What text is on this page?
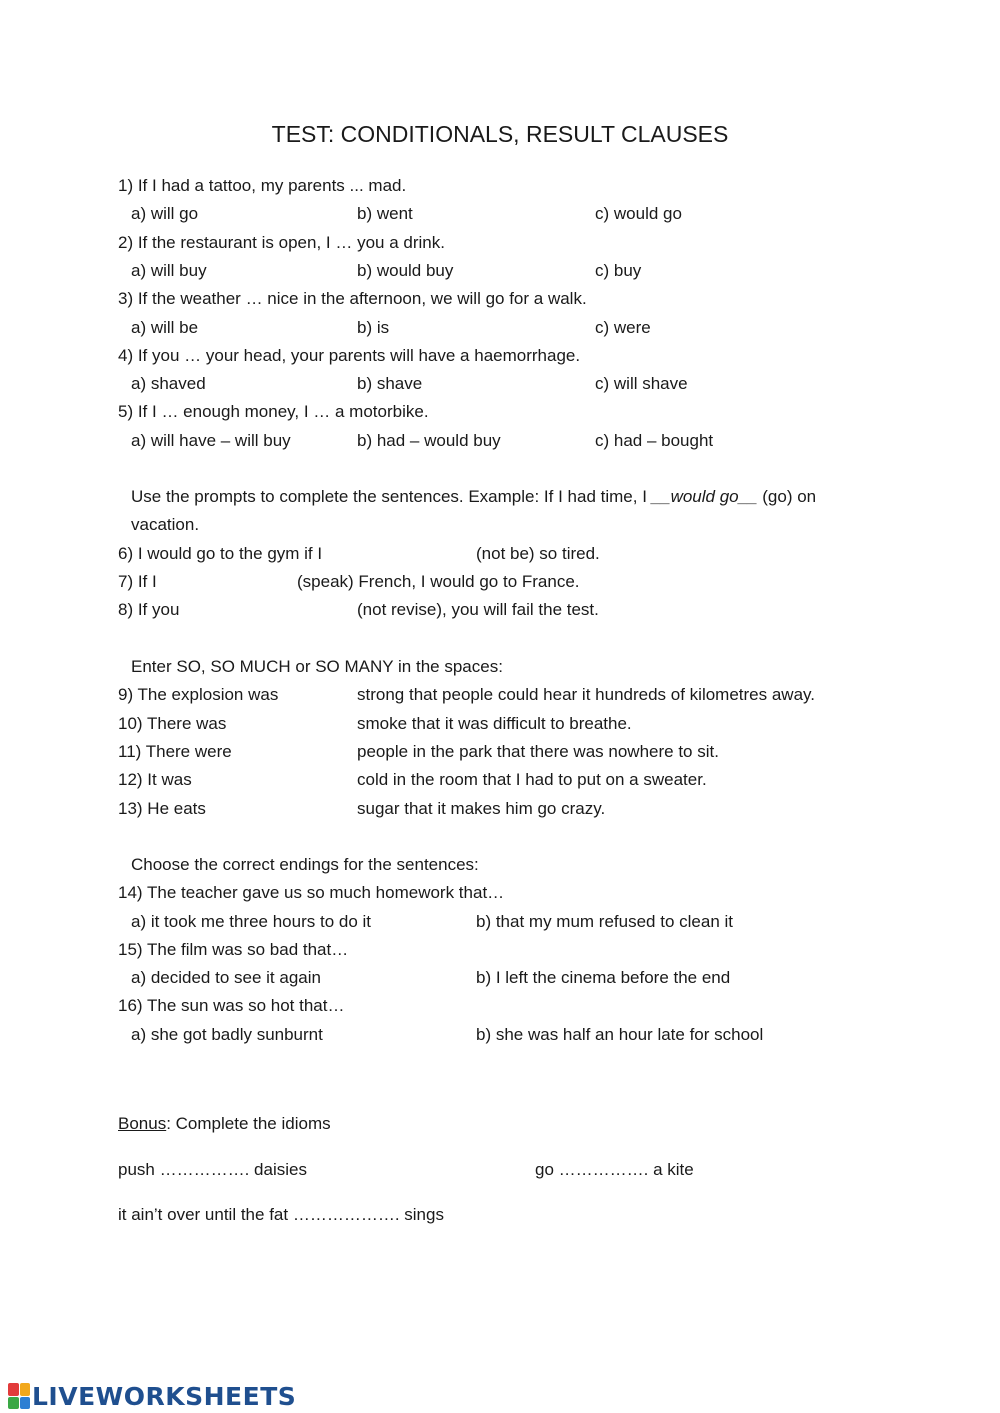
TEST: CONDITIONALS, RESULT CLAUSES
1) If I had a tattoo, my parents ... mad.
a) will go	b) went	c) would go
2) If the restaurant is open, I … you a drink.
a) will buy	b) would buy	c) buy
3) If the weather … nice in the afternoon, we will go for a walk.
a) will be	b) is	c) were
4) If you … your head, your parents will have a haemorrhage.
a) shaved	b) shave	c) will shave
5) If I … enough money, I … a motorbike.
a) will have – will buy	b) had – would buy	c) had – bought
Use the prompts to complete the sentences. Example: If I had time, I __would go__ (go) on
vacation.
6) I would go to the gym if I	(not be) so tired.
7) If I	(speak) French, I would go to France.
8) If you	(not revise), you will fail the test.
Enter SO, SO MUCH or SO MANY in the spaces:
9) The explosion was	strong that people could hear it hundreds of kilometres away.
10) There was	smoke that it was difficult to breathe.
11) There were	people in the park that there was nowhere to sit.
12) It was	cold in the room that I had to put on a sweater.
13) He eats	sugar that it makes him go crazy.
Choose the correct endings for the sentences:
14) The teacher gave us so much homework that…
a) it took me three hours to do it	b) that my mum refused to clean it
15) The film was so bad that…
a) decided to see it again	b) I left the cinema before the end
16) The sun was so hot that…
a) she got badly sunburnt	b) she was half an hour late for school
Bonus: Complete the idioms
push ……………. daisies	go ……………. a kite
it ain’t over until the fat ………………. sings
LIVEWORKSHEETS
